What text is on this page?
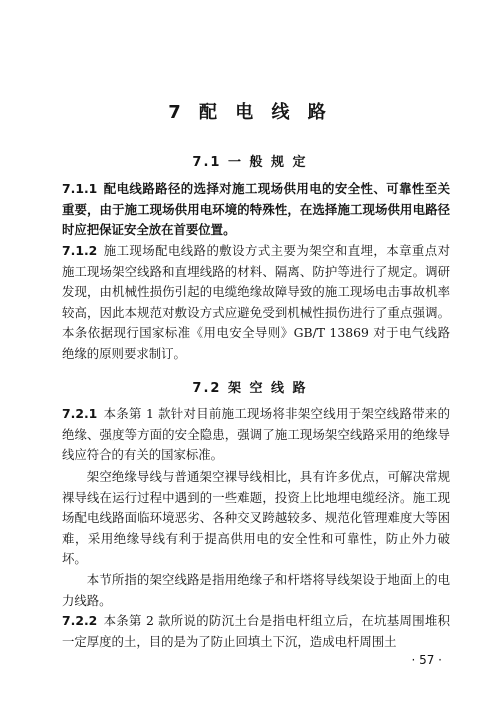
7 配 电 线 路
7.1 一 般 规 定

7.1.1 配电线路路径的选择对施工现场供用电的安全性、可靠性至关重要，由于施工现场供用电环境的特殊性，在选择施工现场供用电路径时应把保证安全放在首要位置。

7.1.2 施工现场配电线路的敷设方式主要为架空和直埋，本章重点对施工现场架空线路和直埋线路的材料、隔离、防护等进行了规定。调研发现，由机械性损伤引起的电缆绝缘故障导致的施工现场电击事故机率较高，因此本规范对敷设方式应避免受到机械性损伤进行了重点强调。本条依据现行国家标准《用电安全导则》GB/T 13869 对于电气线路绝缘的原则要求制订。

7.2 架 空 线 路

7.2.1 本条第 1 款针对目前施工现场将非架空线用于架空线路带来的绝缘、强度等方面的安全隐患，强调了施工现场架空线路采用的绝缘导线应符合的有关的国家标准。

架空绝缘导线与普通架空裸导线相比，具有许多优点，可解决常规裸导线在运行过程中遇到的一些难题，投资上比地埋电缆经济。施工现场配电线路面临环境恶劣、各种交叉跨越较多、规范化管理难度大等困难，采用绝缘导线有利于提高供用电的安全性和可靠性，防止外力破坏。

本节所指的架空线路是指用绝缘子和杆塔将导线架设于地面上的电力线路。

7.2.2 本条第 2 款所说的防沉土台是指电杆组立后，在坑基周围堆积一定厚度的土，目的是为了防止回填土下沉，造成电杆周围土

· 57 ·
